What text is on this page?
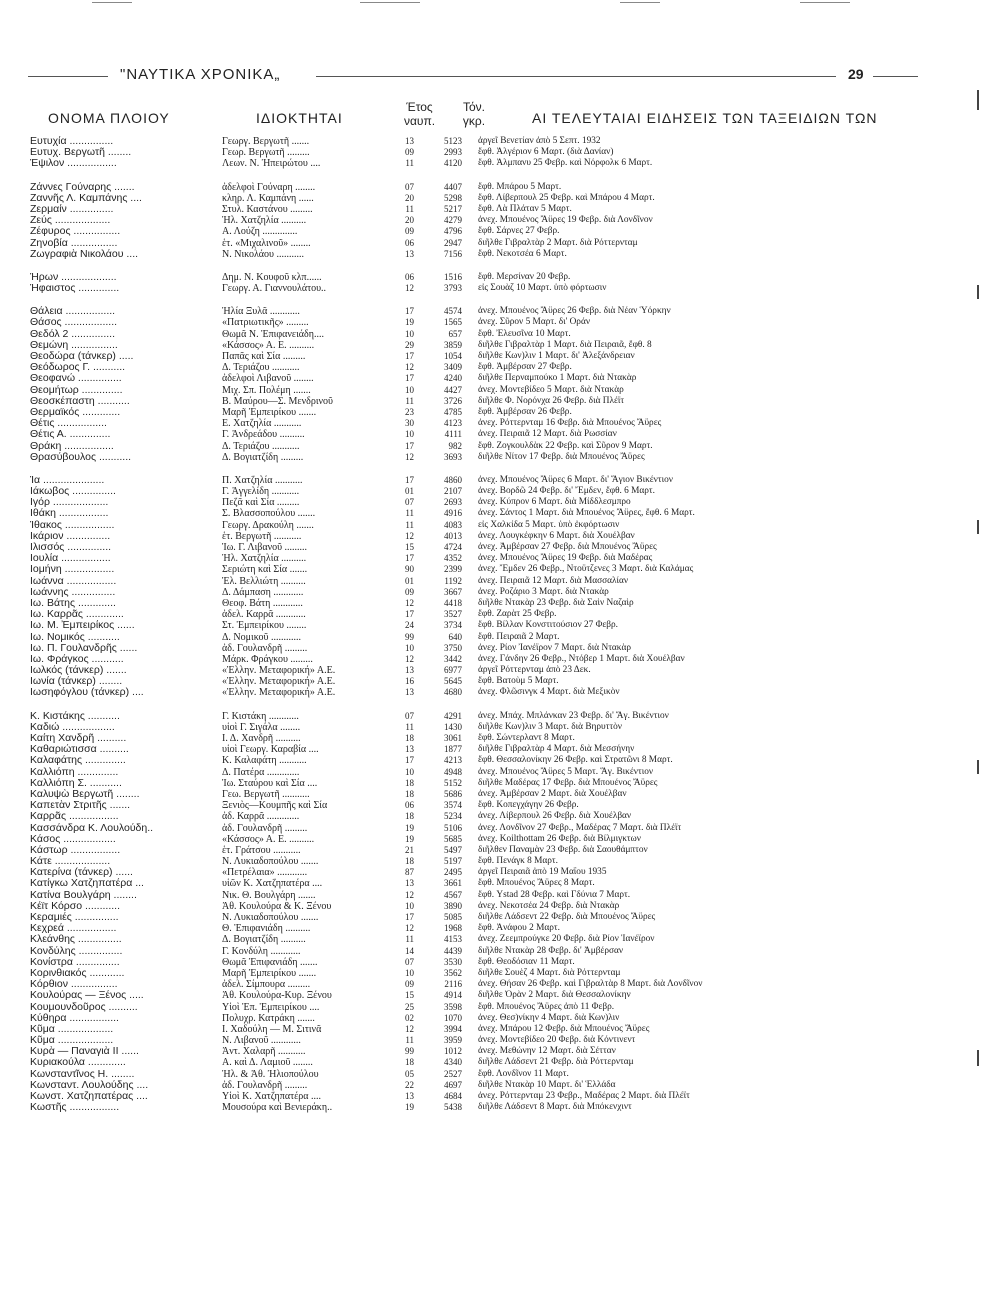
"ΝΑΥΤΙΚΑ ΧΡΟΝΙΚΑ„	29
ΟΝΟΜΑ ΠΛΟΙΟΥ	ΙΔΙΟΚΤΗΤΑΙ
Έτος
ναυπ.
Τόν.
γκρ.	ΑΙ ΤΕΛΕΥΤΑΙΑΙ ΕΙΔΗΣΕΙΣ ΤΩΝ ΤΑΞΕΙΔΙΩΝ ΤΩΝ
Ευτυχία ...............	Γεωργ. Βεργωτῆ .......	13	5123 ἀργεῖ Βενετίαν ἀπὸ 5 Σεπτ. 1932
Ευτυχ. Βεργωτῆ ........	Γεωρ. Βεργωτῆ .........	09	2993 ἔφθ. Ἀλγέριον 6 Μαρτ. (διὰ Δανίαν)
Έψιλον .................	Λεων. Ν. Ἠπειρώτου ....	11	4120 ἔφθ. Ἀλμπανυ 25 Φεβρ. καὶ Νόρφολκ 6 Μαρτ.
Ζάννες Γούναρης .......	ἀδελφοὶ Γούναρη ........	07	4407 ἔφθ. Μπάρου 5 Μαρτ.
Ζαννῆς Λ. Καμπάνης ....	κληρ. Λ. Καμπάνη ......	20	5298 ἔφθ. Λίβερπουλ 25 Φεβρ. καὶ Μπάρου 4 Μαρτ.
Ζερμαίν ...............	Στυλ. Καστάνου .........	11	5217 ἔφθ. Λὰ Πλάταν 5 Μαρτ.
Ζεύς ...................	Ἠλ. Χατζηλία ..........	20	4279 ἀνεχ. Μπουένος Ἄϋρες 19 Φεβρ. διὰ Λονδῖνον
Ζέφυρος ................	Α. Λούζη ..............	09	4796 ἔφθ. Σάρνες 27 Φεβρ.
Ζηνοβία ................	ἑτ. «Μιχαλινοῦ» ........	06	2947 διῆλθε Γιβραλτὰρ 2 Μαρτ. διὰ Ρόττερνταμ
Ζωγραφιὰ Νικολάου ....	Ν. Νικολάου ...........	13	7156 ἔφθ. Νεκοτσέα 6 Μαρτ.
Ήρων ...................	Δημ. Ν. Κουφοῦ κλπ......	06	1516 ἔφθ. Μερσίναν 20 Φεβρ.
Ήφαιστος ..............	Γεωργ. Α. Γιαννουλάτου..	12	3793 εἰς Σουὰζ 10 Μαρτ. ὑπὸ φόρτωσιν
Θάλεια .................	Ἠλία Ξυλᾶ ............	17	4574 ἀνεχ. Μπουένος Ἄϋρες 26 Φεβρ. διὰ Νέαν Ὑόρκην
Θάσος ..................	«Πατριωτικῆς» .........	19	1565 ἀνεχ. Σῦρον 5 Μαρτ. δι' Οράν
Θεδόλ 2 ...............	Θωμᾶ Ν. Ἐπιφανειάδη....	10	657 ἔφθ. Ἐλευσῖνα 10 Μαρτ.
Θεμώνη ................	«Κάσσος» Α. Ε. ..........	29	3859 διῆλθε Γιβραλτὰρ 1 Μαρτ. διὰ Πειραιᾶ, ἔφθ. 8
Θεοδώρα (τάνκερ) .....	Παπᾶς καὶ Σία .........	17	1054 διῆλθε Κων)λιν 1 Μαρτ. δι' Ἀλεξάνδρειαν
Θεόδωρος Γ. ...........	Δ. Τεριάζου ...........	12	3409 ἔφθ. Ἀμβέρσαν 27 Φεβρ.
Θεοφανώ ...............	ἀδελφοὶ Λιβανοῦ ........	17	4240 διῆλθε Περναμπούκο 1 Μαρτ. διὰ Ντακὰρ
Θεομήτωρ ..............	Μιχ. Σπ. Πολέμη .......	10	4427 ἀνεχ. Μοντεβίδεο 5 Μαρτ. διὰ Ντακὰρ
Θεοσκέπαστη ...........	Β. Μαύρου—Σ. Μενδρινοῦ	11	3726 διῆλθε Φ. Νορόνχα 26 Φεβρ. διὰ Πλέϊτ
Θερμαϊκός .............	Μαρῆ Ἐμπειρίκου .......	23	4785 ἔφθ. Ἀμβέρσαν 26 Φεβρ.
Θέτις .................	Ε. Χατζηλία ...........	30	4123 ἀνεχ. Ρόττερνταμ 16 Φεβρ. διὰ Μπουένος Ἄϋρες
Θέτις Α. ..............	Γ. Ἀνδρεάδου ..........	10	4111 ἀνεχ. Πειραιᾶ 12 Μαρτ. διὰ Ρωσσίαν
Θράκη .................	Δ. Τεριάζου ...........	17	982 ἔφθ. Ζογκουλδὰκ 22 Φεβρ. καὶ Σῦρον 9 Μαρτ.
Θρασύβουλος ...........	Δ. Βογιατζίδη .........	12	3693 διῆλθε Νίτον 17 Φεβρ. διὰ Μπουένος Ἄϋρες
Ία .....................	Π. Χατζηλία ...........	17	4860 ἀνεχ. Μπουένος Ἄϋρες 6 Μαρτ. δι' Ἅγιον Βικέντιον
Ιάκωβος ...............	Γ. Ἀγγελίδη ...........	01	2107 ἀνεχ. Βορδῶ 24 Φεβρ. δι' Ἔμδεν, ἔφθ. 6 Μαρτ.
Ιγόρ ...................	Πεζᾶ καὶ Σία .........	07	2693 ἀνεχ. Κύπρον 6 Μαρτ. διὰ Μίδδλεσμπρο
Ιθάκη .................	Σ. Βλασσοπούλου .......	11	4916 ἀνεχ. Σάντος 1 Μαρτ. διὰ Μπουένος Ἄϋρες, ἔφθ. 6 Μαρτ.
Ίθακος .................	Γεωργ. Δρακούλη .......	11	4083 εἰς Χαλκίδα 5 Μαρτ. ὑπὸ ἐκφόρτωσιν
Ικάριον ...............	ἑτ. Βεργωτῆ ...........	12	4013 ἀνεχ. Λουγκέφκην 6 Μαρτ. διὰ Χουέλβαν
Ιλισσός ...............	Ἰω. Γ. Λιβανοῦ .........	15	4724 ἀνεχ. Ἀμβέρσαν 27 Φεβρ. διὰ Μπουένος Ἄϋρες
Ιουλία .................	Ἠλ. Χατζηλία ..........	17	4352 ἀνεχ. Μπουένος Ἄϋρες 19 Φεβρ. διὰ Μαδέρας
Ιομήνη .................	Σεριώτη καὶ Σία .......	90	2399 ἀνεχ. Ἔμδεν 26 Φεβρ., Ντοϋτζενες 3 Μαρτ. διὰ Καλάμας
Ιωάννα .................	Ἐλ. Βελλιώτη ..........	01	1192 ἀνεχ. Πειραιᾶ 12 Μαρτ. διὰ Μασσαλίαν
Ιωάννης ...............	Δ. Δάμπαση ............	09	3667 ἀνεχ. Ροζάριο 3 Μαρτ. διὰ Ντακὰρ
Ιω. Βάτης .............	Θεοφ. Βάτη ............	12	4418 διῆλθε Ντακὰρ 23 Φεβρ. διὰ Σαὶν Ναζαὶρ
Ιω. Καρρᾶς .............	ἀδελ. Καρρᾶ ............	17	3527 ἔφθ. Ζαρὰτ 25 Φεβρ.
Ιω. Μ. Ἐμπειρίκος ......	Στ. Ἐμπειρίκου ........	24	3734 ἔφθ. Βίλλαν Κονστιτούσιον 27 Φεβρ.
Ιω. Νομικός ...........	Δ. Νομικοῦ ............	99	640 ἔφθ. Πειραιᾶ 2 Μαρτ.
Ιω. Π. Γουλανδρῆς ......	ἀδ. Γουλανδρῆ .........	10	3750 ἀνεχ. Ρίον Ἰανέϊρον 7 Μαρτ. διὰ Ντακὰρ
Ιω. Φράγκος ...........	Μάρκ. Φράγκου .........	12	3442 ἀνεχ. Γάνδην 26 Φεβρ., Ντόβερ 1 Μαρτ. διὰ Χουέλβαν
Ιωλκός (τάνκερ) .......	«Ἑλλην. Μεταφορική» Α.Ε.	13	6977 ἀργεῖ Ρόττερνταμ ἀπὸ 23 Δεκ.
Ιωνία (τάνκερ) ........	«Ἑλλην. Μεταφορική» Α.Ε.	16	5645 ἔφθ. Βατοὺμ 5 Μαρτ.
Ιωσηφόγλου (τάνκερ) ....	«Ἑλλην. Μεταφορική» Α.Ε.	13	4680 ἀνεχ. Φλῶσινγκ 4 Μαρτ. διὰ Μεξικὸν
Κ. Κιστάκης ...........	Γ. Κιστάκη ............	07	4291 ἀνεχ. Μπάχ. Μπλάνκαν 23 Φεβρ. δι' Ἅγ. Βικέντιον
Καδιώ ..................	υἱοὶ Γ. Σιγάλα ........	11	1430 διῆλθε Κων)λιν 3 Μαρτ. διὰ Βηρυττὸν
Καίτη Χανδρῆ ..........	Ι. Δ. Χανδρῆ ..........	18	3061 ἔφθ. Σώντερλαντ 8 Μαρτ.
Καθαριώτισσα ..........	υἱοὶ Γεωργ. Καραβία ....	13	1877 διῆλθε Γιβραλτὰρ 4 Μαρτ. διὰ Μεσσήνην
Καλαφάτης ..............	Κ. Καλαφάτη ...........	17	4213 ἔφθ. Θεσσαλονίκην 26 Φεβρ. καὶ Στρατῶνι 8 Μαρτ.
Καλλιόπη ..............	Δ. Πατέρα .............	10	4948 ἀνεχ. Μπουένος Ἄϋρες 5 Μαρτ. Ἅγ. Βικέντιον
Καλλιόπη Σ. ...........	Ἰω. Σταύρου καὶ Σία ....	18	5152 διῆλθε Μαδέρας 17 Φεβρ. διὰ Μπουένος Ἄϋρες
Καλυψὼ Βεργωτῆ ........	Γεω. Βεργωτῆ ...........	18	5686 ἀνεχ. Ἀμβέρσαν 2 Μαρτ. διὰ Χουέλβαν
Καπετὰν Στριτῆς .......	Ξενιὸς—Κουμπῆς καὶ Σία	06	3574 ἔφθ. Κοπεγχάγην 26 Φεβρ.
Καρρᾶς .................	ἀδ. Καρρᾶ .............	18	5234 ἀνεχ. Λίβερπουλ 26 Φεβρ. διὰ Χουέλβαν
Κασσάνδρα Κ. Λουλούδη..	ἀδ. Γουλανδρῆ .........	19	5106 ἀνεχ. Λονδῖνον 27 Φεβρ., Μαδέρας 7 Μαρτ. διὰ Πλέϊτ
Κάσος ..................	«Κάσσος» Α. Ε. ..........	19	5685 ἀνεχ. Koilthottam 26 Φεβρ. διὰ Βίλμιγκτων
Κάστωρ .................	ἑτ. Γράτσου ...........	21	5497 διῆλθεν Παναμὰν 23 Φεβρ. διὰ Σαουθάμπτον
Κάτε ...................	Ν. Λυκιαδοπούλου .......	18	5197 ἔφθ. Πενάγκ 8 Μαρτ.
Κατερίνα (τάνκερ) ......	«Πετρέλαια» ............	87	2495 ἀργεῖ Πειραιᾶ ἀπὸ 19 Μαΐου 1935
Κατίγκω Χατζηπατέρα ...	υἱῶν Κ. Χατζηπατέρα ....	13	3661 ἔφθ. Μπουένος Ἄϋρες 8 Μαρτ.
Κατίνα Βουλγάρη ........	Νικ. Θ. Βουλγάρη .......	12	4567 ἔφθ. Ystad 28 Φεβρ. καὶ Γδύνια 7 Μαρτ.
Κέϊτ Κόρσο ............	Ἀθ. Κουλούρα & Κ. Ξένου	10	3890 ἀνεχ. Νεκοτσέα 24 Φεβρ. διὰ Ντακὰρ
Κεραμιές ...............	Ν. Λυκιαδοπούλου .......	17	5085 διῆλθε Λάδσεντ 22 Φεβρ. διὰ Μπουένος Ἄϋρες
Κεχρεά .................	Θ. Ἐπιφανιάδη ..........	12	1968 ἔφθ. Ἀνάφου 2 Μαρτ.
Κλεάνθης ...............	Δ. Βογιατζίδη ..........	11	4153 ἀνεχ. Ζεεμπρούγκε 20 Φεβρ. διὰ Ρίον Ἰανέϊρον
Κονδύλης ...............	Γ. Κονδύλη ............	14	4439 διῆλθε Ντακὰρ 28 Φεβρ. δι' Ἀμβέρσαν
Κονίστρα ...............	Θωμᾶ Ἐπιφανιάδη .......	07	3530 ἔφθ. Θεοδόσιαν 11 Μαρτ.
Κορινθιακός ............	Μαρῆ Ἐμπειρίκου .......	10	3562 διῆλθε Σουὲζ 4 Μαρτ. διὰ Ρόττερνταμ
Κόρθιον ................	ἀδελ. Σίμπουρα .........	09	2116 ἀνεχ. Θήσαν 26 Φεβρ. καὶ Γιβραλτὰρ 8 Μαρτ. διὰ Λονδῖνον
Κουλούρας — Ξένος .....	Ἀθ. Κουλούρα-Κυρ. Ξένου	15	4914 διῆλθε Ὀρὰν 2 Μαρτ. διὰ Θεσσαλονίκην
Κουμουνδοῦρος ..........	Υἱοὶ Ἐπ. Ἐμπειρίκου ....	25	3598 ἔφθ. Μπουένος Ἄϋρες ἀπὸ 11 Φεβρ.
Κύθηρα .................	Πολυχρ. Κατράκη .......	02	1070 ἀνεχ. Θεσ)νίκην 4 Μαρτ. διὰ Κων)λιν
Κῦμα ...................	Ι. Χαδούλη — Μ. Σιτινᾶ	12	3994 ἀνεχ. Μπάρου 12 Φεβρ. διὰ Μπουένος Ἄϋρες
Κῦμα ...................	Ν. Λιβανοῦ ............	11	3959 ἀνεχ. Μοντεβίδεο 20 Φεβρ. διὰ Κόντινεντ
Κυρὰ — Παναγιὰ ΙΙ ......	Ἀντ. Χαλαρῆ ...........	99	1012 ἀνεχ. Μεθώνην 12 Μαρτ. διὰ Σέτταν
Κυριακούλα .............	Α. καὶ Δ. Λαμιοῦ ........	18	4340 διῆλθε Λάδσεντ 21 Φεβρ. διὰ Ρόττερνταμ
Κωνσταντῖνος Η. ........	Ἠλ. & Ἀθ. Ἠλιοπούλου	05	2527 ἔφθ. Λονδῖνον 11 Μαρτ.
Κωνσταντ. Λουλούδης ....	ἀδ. Γουλανδρῆ .........	22	4697 διῆλθε Ντακὰρ 10 Μαρτ. δι' Ἑλλάδα
Κωνστ. Χατζηπατέρας ....	Υἱοὶ Κ. Χατζηπατέρα ....	13	4684 ἀνεχ. Ρόττερνταμ 23 Φεβρ., Μαδέρας 2 Μαρτ. διὰ Πλέϊτ
Κωστῆς .................	Μουσούρα καὶ Βενιεράκη..	19	5438 διῆλθε Λάδσεντ 8 Μαρτ. διὰ Μπόκενχιντ
